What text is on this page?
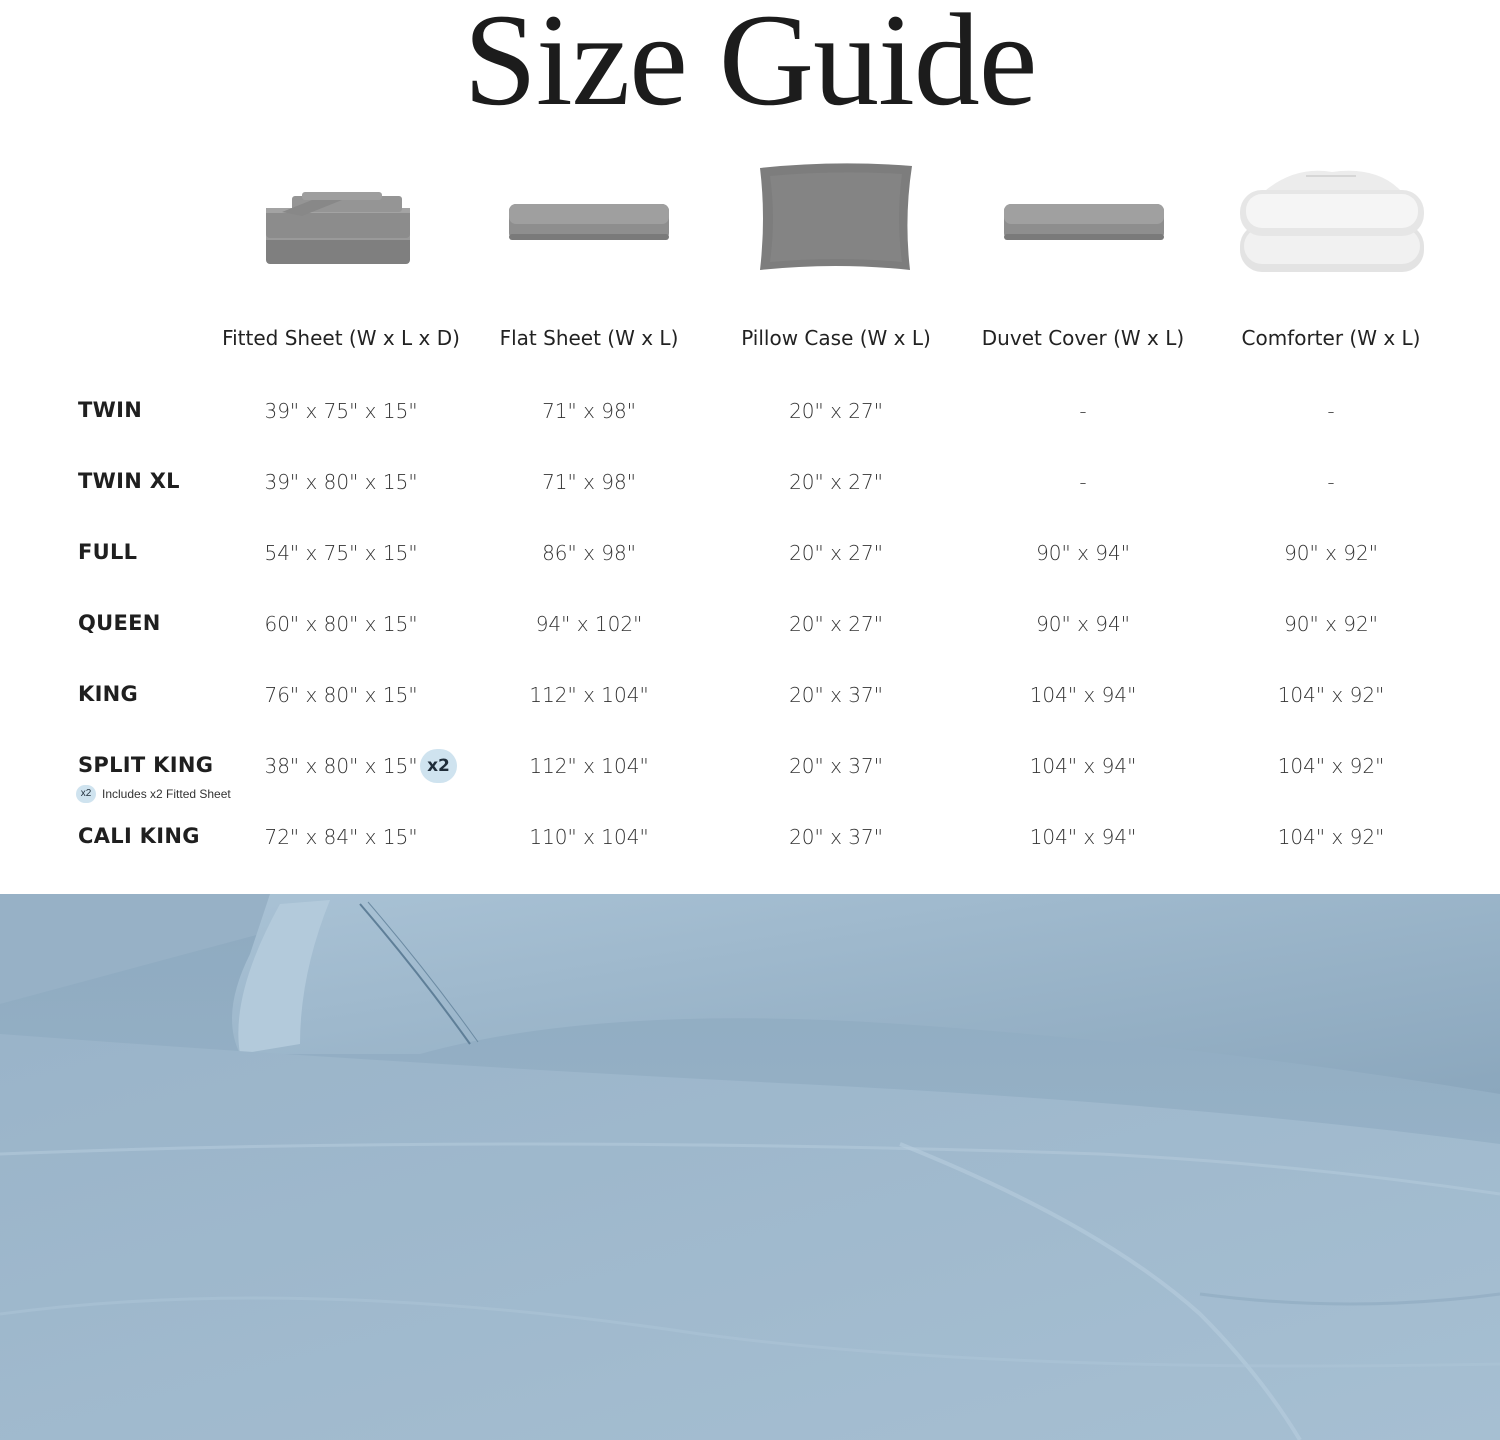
Size Guide
Fitted Sheet (W x L x D)	Flat Sheet (W x L)	Pillow Case (W x L)	Duvet Cover (W x L)	Comforter (W x L)
TWIN	39" x 75" x 15"	71" x 98"	20" x 27"	-	-
TWIN XL	39" x 80" x 15"	71" x 98"	20" x 27"	-	-
FULL	54" x 75" x 15"	86" x 98"	20" x 27"	90" x 94"	90" x 92"
QUEEN	60" x 80" x 15"	94" x 102"	20" x 27"	90" x 94"	90" x 92"
KING	76" x 80" x 15"	112" x 104"	20" x 37"	104" x 94"	104" x 92"
SPLIT KING	38" x 80" x 15"	112" x 104"	20" x 37"	104" x 94"	104" x 92"
x2
x2 Includes x2 Fitted Sheet
CALI KING	72" x 84" x 15"	110" x 104"	20" x 37"	104" x 94"	104" x 92"
